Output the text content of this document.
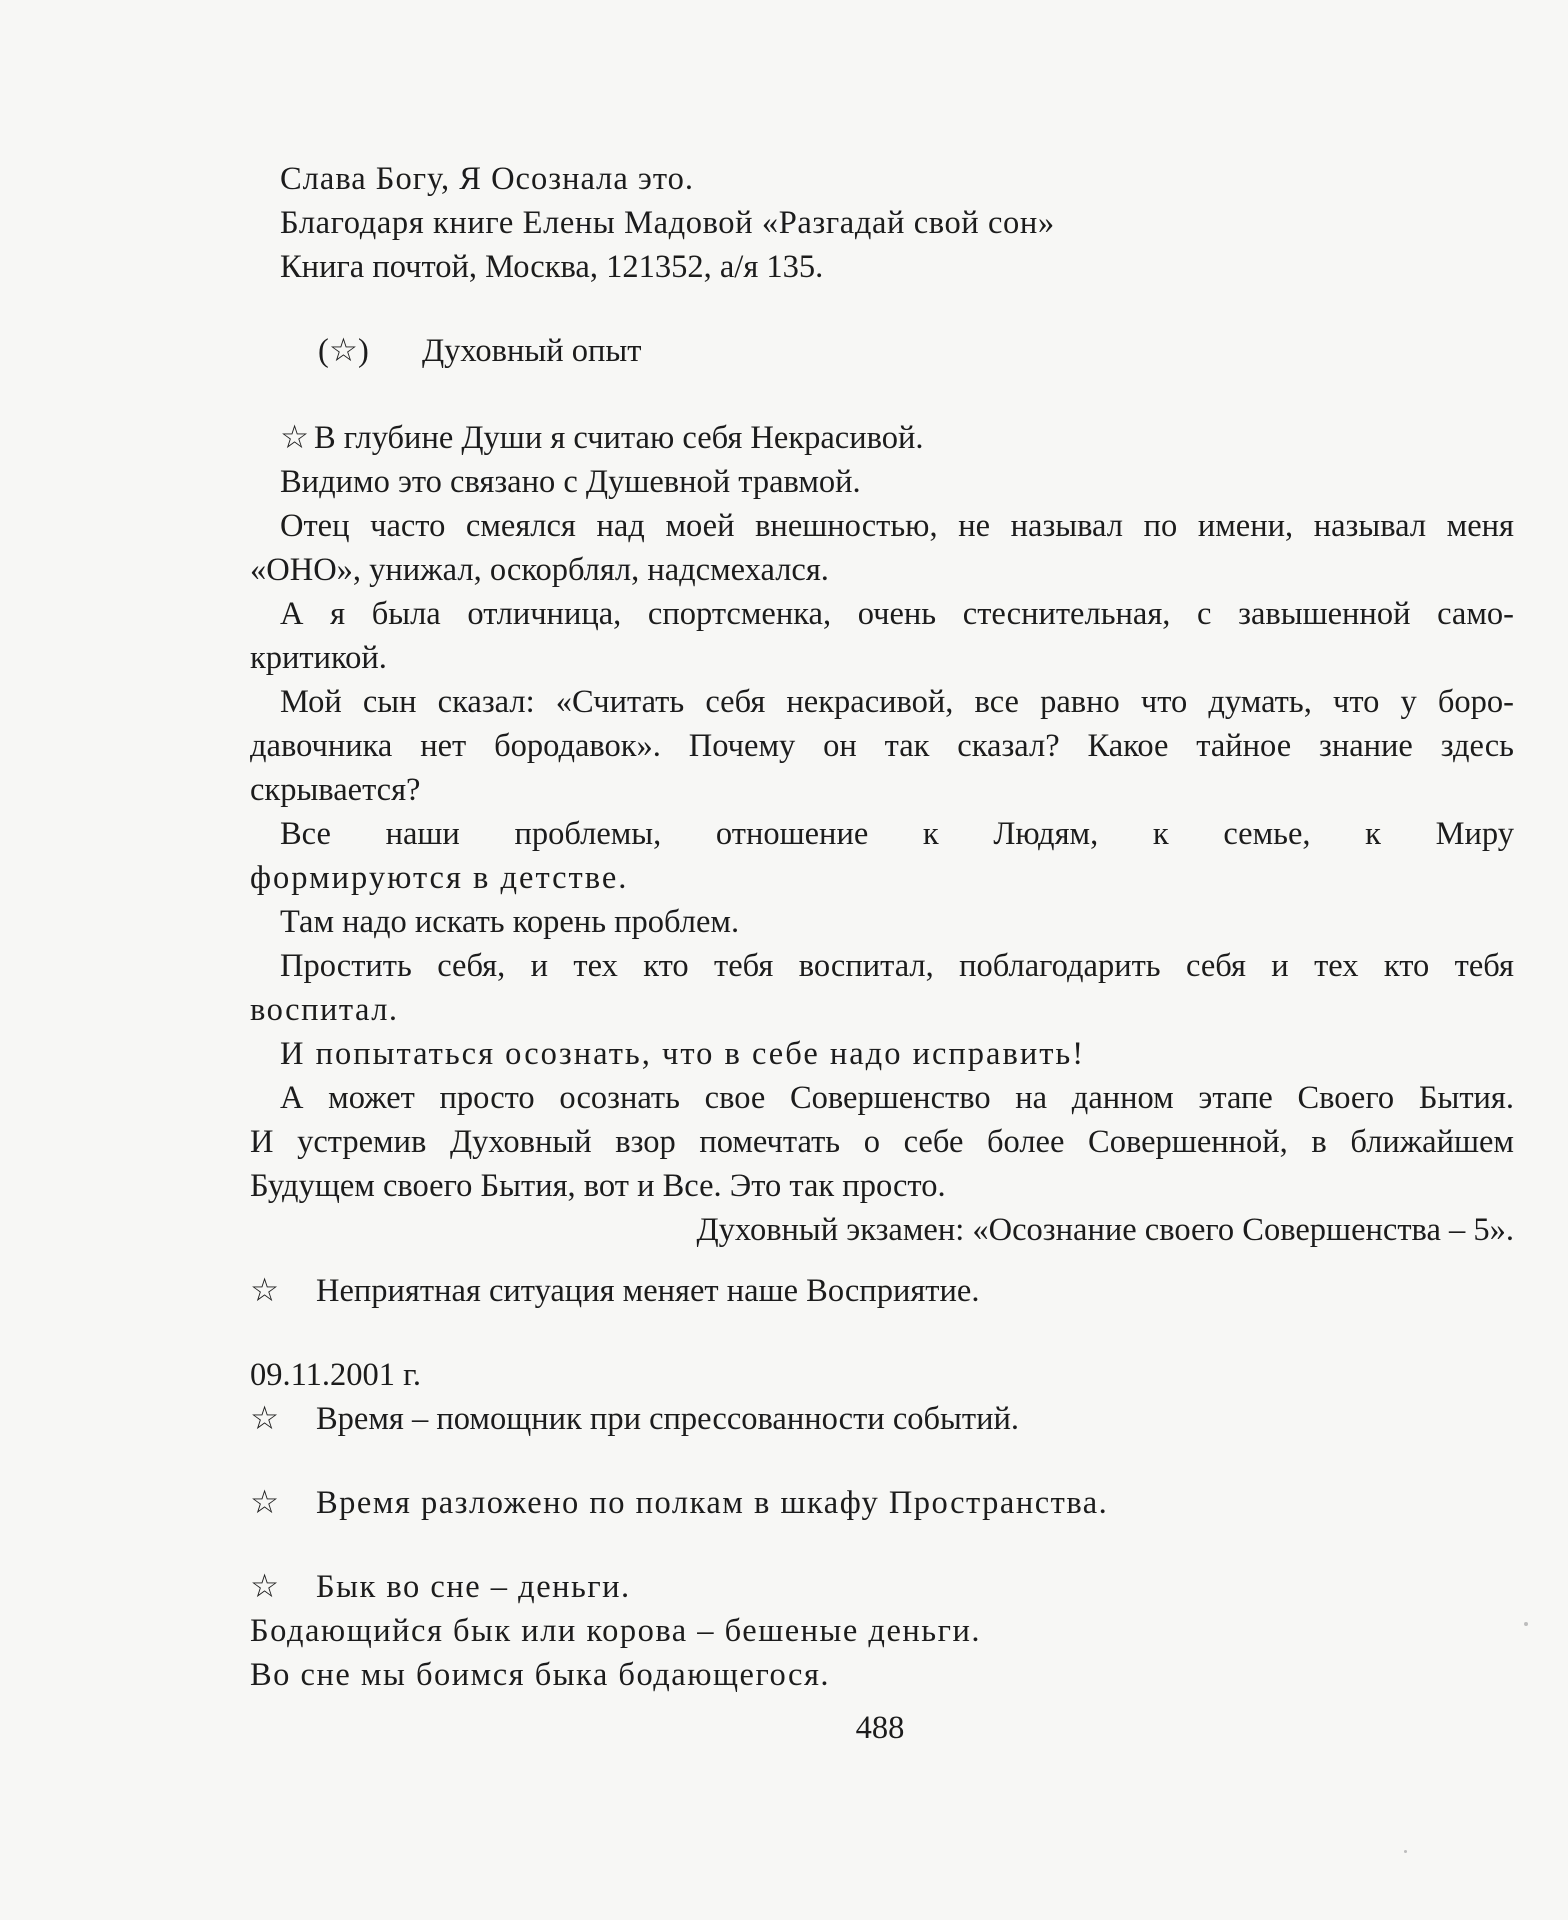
Слава Богу, Я Осознала это.
Благодаря книге Елены Мадовой «Разгадай свой сон»
Книга почтой, Москва, 121352, а/я 135.
(☆) Духовный опыт
☆ В глубине Души я считаю себя Некрасивой.
Видимо это связано с Душевной травмой.
Отец часто смеялся над моей внешностью, не называл по имени, называл меня
«ОНО», унижал, оскорблял, надсмехался.
А я была отличница, спортсменка, очень стеснительная, с завышенной само-
критикой.
Мой сын сказал: «Считать себя некрасивой, все равно что думать, что у боро-
давочника нет бородавок». Почему он так сказал? Какое тайное знание здесь
скрывается?
Все наши проблемы, отношение к Людям, к семье, к Миру
формируются в детстве.
Там надо искать корень проблем.
Простить себя, и тех кто тебя воспитал, поблагодарить себя и тех кто тебя
воспитал.
И попытаться осознать, что в себе надо исправить!
А может просто осознать свое Совершенство на данном этапе Своего Бытия.
И устремив Духовный взор помечтать о себе более Совершенной, в ближайшем
Будущем своего Бытия, вот и Все. Это так просто.
Духовный экзамен: «Осознание своего Совершенства – 5».
☆ Неприятная ситуация меняет наше Восприятие.
09.11.2001 г.
☆ Время – помощник при спрессованности событий.
☆ Время разложено по полкам в шкафу Пространства.
☆ Бык во сне – деньги.
Бодающийся бык или корова – бешеные деньги.
Во сне мы боимся быка бодающегося.
488
